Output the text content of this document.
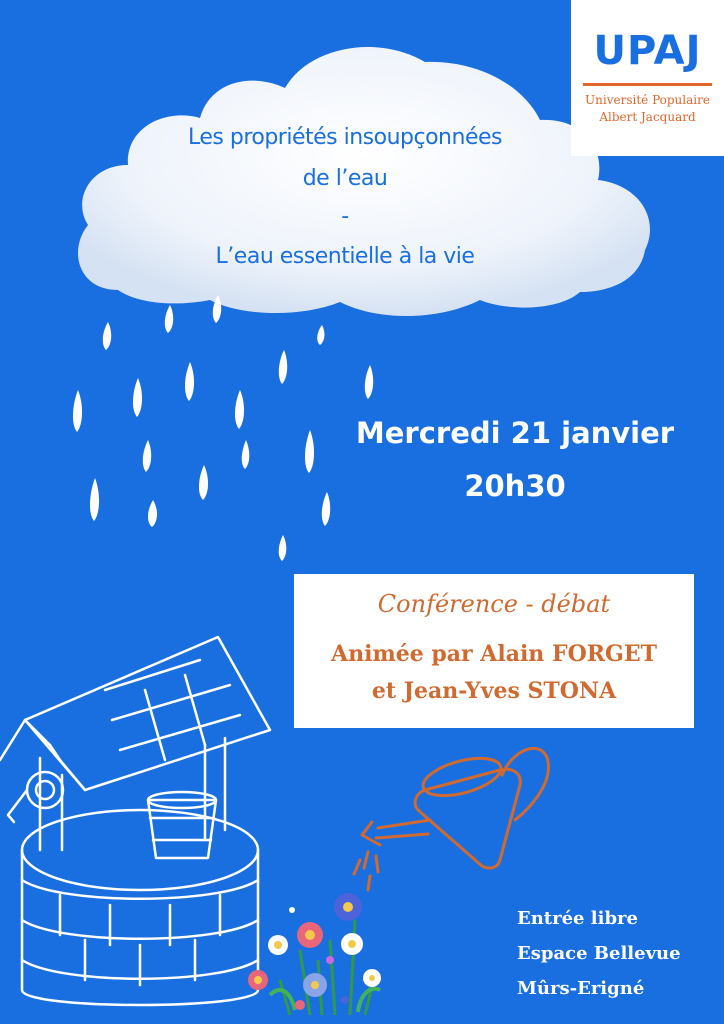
UPAJ
Université Populaire
Albert Jacquard
Les propriétés insoupçonnées
de l’eau
-
L’eau essentielle à la vie
Mercredi 21 janvier
20h30
Conférence - débat
Animée par Alain FORGET
et Jean-Yves STONA
Entrée libre
Espace Bellevue
Mûrs-Erigné
